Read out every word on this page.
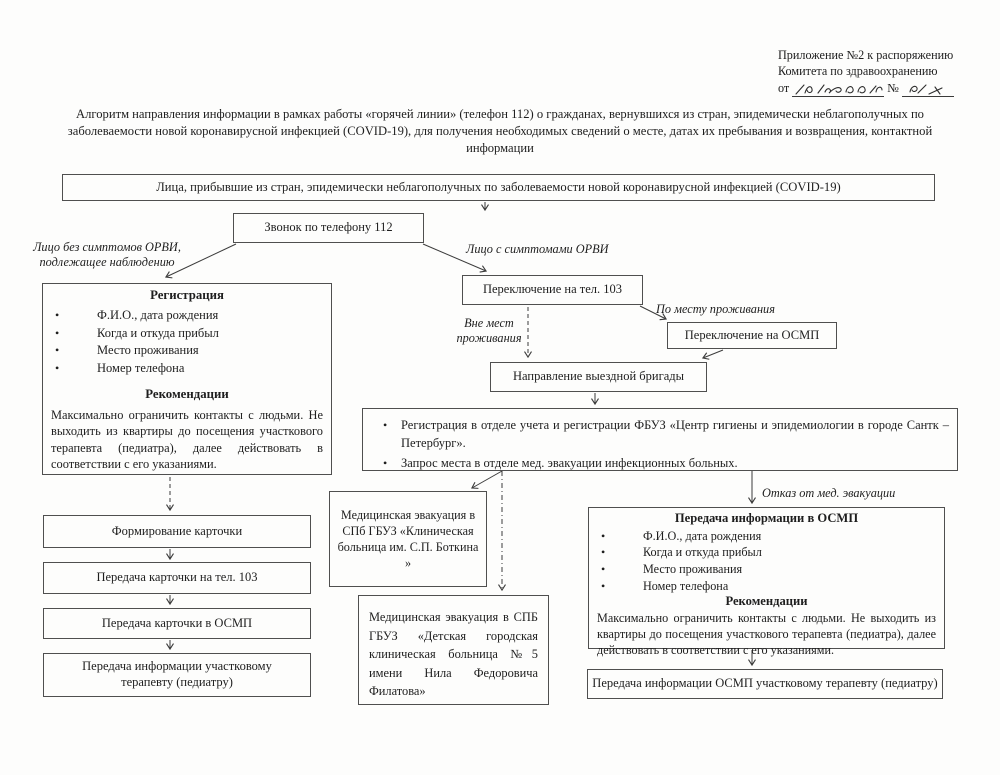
Приложение №2 к распоряжению
Комитета по здравоохранению
от	№
Алгоритм направления информации в рамках работы «горячей линии» (телефон 112) о гражданах, вернувшихся из стран, эпидемически неблагополучных по заболеваемости новой коронавирусной инфекцией (COVID-19), для получения необходимых сведений о месте, датах их пребывания и возвращения, контактной информации
Лица, прибывшие из стран, эпидемически неблагополучных по заболеваемости новой коронавирусной инфекцией (COVID-19)
Звонок по телефону 112
Лицо без симптомов ОРВИ, подлежащее наблюдению
Лицо с симптомами ОРВИ
Вне мест проживания
По месту проживания
Отказ от мед. эвакуации
Регистрация
•	Ф.И.О., дата рождения
•	Когда и откуда прибыл
•	Место проживания
•	Номер телефона
Рекомендации

Максимально ограничить контакты с людьми. Не выходить из квартиры до посещения участкового терапевта (педиатра), далее действовать в соответствии с его указаниями.

Переключение на тел. 103
Переключение на ОСМП
Направление выездной бригады
•	Регистрация в отделе учета и регистрации ФБУЗ «Центр гигиены и эпидемиологии в городе Сантк – Петербург».
•	Запрос места в отделе мед. эвакуации инфекционных больных.
Формирование карточки
Передача карточки на тел. 103
Передача карточки в ОСМП
Передача информации участковому терапевту (педиатру)
Медицинская эвакуация в СПб ГБУЗ «Клиническая больница им. С.П. Боткина »
Медицинская эвакуация в СПБ ГБУЗ «Детская городская клиническая больница №5 имени Нила Федоровича Филатова»
Передача информации в ОСМП
•	Ф.И.О., дата рождения
•	Когда и откуда прибыл
•	Место проживания
•	Номер телефона
Рекомендации

Максимально ограничить контакты с людьми. Не выходить из квартиры до посещения участкового терапевта (педиатра), далее действовать в соответствии с его указаниями.

Передача информации ОСМП участковому терапевту (педиатру)
